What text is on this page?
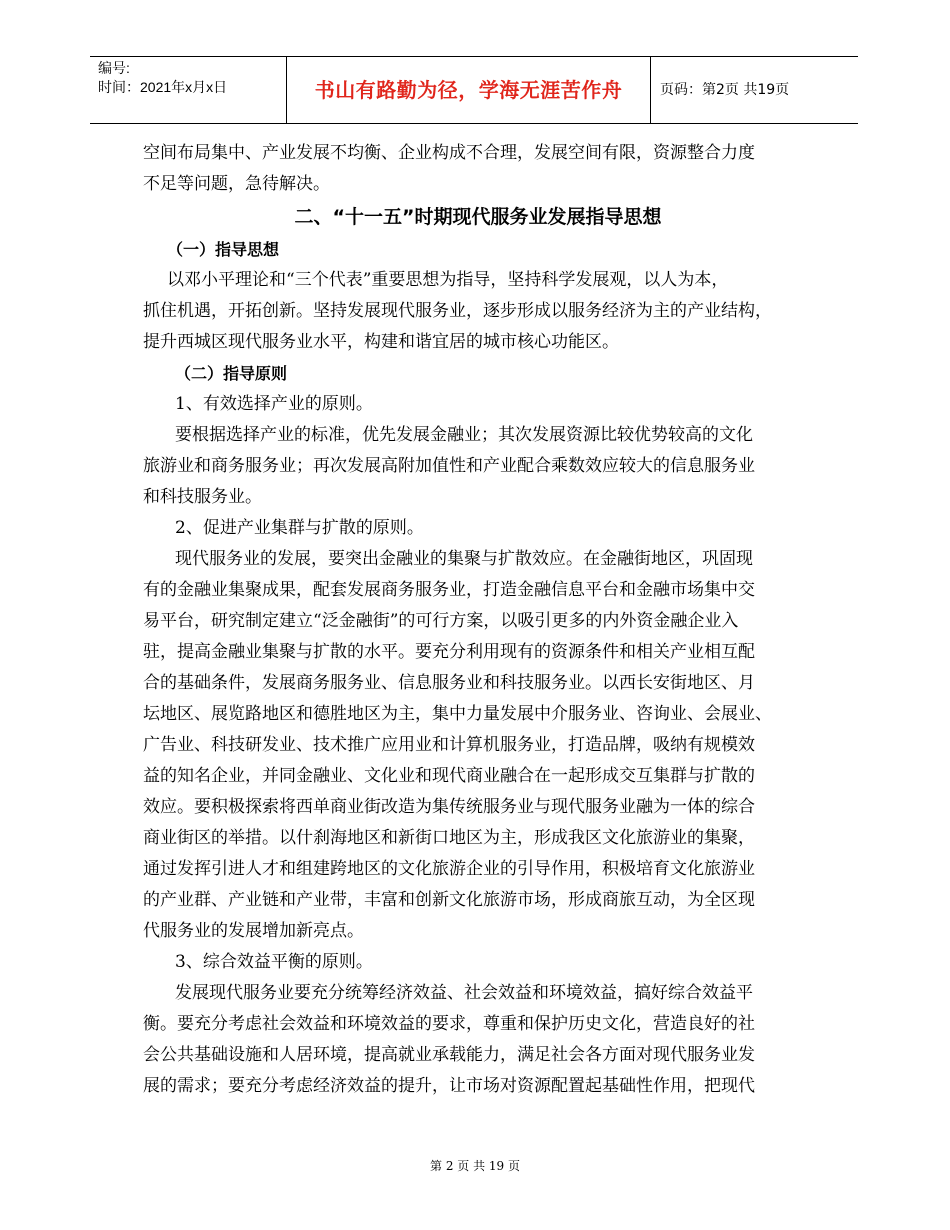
编号:
时间：2021年x月x日	书山有路勤为径，学海无涯苦作舟	页码：第2页 共19页

空间布局集中、产业发展不均衡、企业构成不合理，发展空间有限，资源整合力度

不足等问题，急待解决。

二、“十一五”时期现代服务业发展指导思想

（一）指导思想

以邓小平理论和“三个代表”重要思想为指导，坚持科学发展观，以人为本，

抓住机遇，开拓创新。坚持发展现代服务业，逐步形成以服务经济为主的产业结构，

提升西城区现代服务业水平，构建和谐宜居的城市核心功能区。

（二）指导原则

1、有效选择产业的原则。

要根据选择产业的标准，优先发展金融业；其次发展资源比较优势较高的文化

旅游业和商务服务业；再次发展高附加值性和产业配合乘数效应较大的信息服务业

和科技服务业。

2、促进产业集群与扩散的原则。

现代服务业的发展，要突出金融业的集聚与扩散效应。在金融街地区，巩固现

有的金融业集聚成果，配套发展商务服务业，打造金融信息平台和金融市场集中交

易平台，研究制定建立“泛金融街”的可行方案，以吸引更多的内外资金融企业入

驻，提高金融业集聚与扩散的水平。要充分利用现有的资源条件和相关产业相互配

合的基础条件，发展商务服务业、信息服务业和科技服务业。以西长安街地区、月

坛地区、展览路地区和德胜地区为主，集中力量发展中介服务业、咨询业、会展业、

广告业、科技研发业、技术推广应用业和计算机服务业，打造品牌，吸纳有规模效

益的知名企业，并同金融业、文化业和现代商业融合在一起形成交互集群与扩散的

效应。要积极探索将西单商业街改造为集传统服务业与现代服务业融为一体的综合

商业街区的举措。以什刹海地区和新街口地区为主，形成我区文化旅游业的集聚，

通过发挥引进人才和组建跨地区的文化旅游企业的引导作用，积极培育文化旅游业

的产业群、产业链和产业带，丰富和创新文化旅游市场，形成商旅互动，为全区现

代服务业的发展增加新亮点。

3、综合效益平衡的原则。

发展现代服务业要充分统筹经济效益、社会效益和环境效益，搞好综合效益平

衡。要充分考虑社会效益和环境效益的要求，尊重和保护历史文化，营造良好的社

会公共基础设施和人居环境，提高就业承载能力，满足社会各方面对现代服务业发

展的需求；要充分考虑经济效益的提升，让市场对资源配置起基础性作用，把现代

第 2 页 共 19 页
